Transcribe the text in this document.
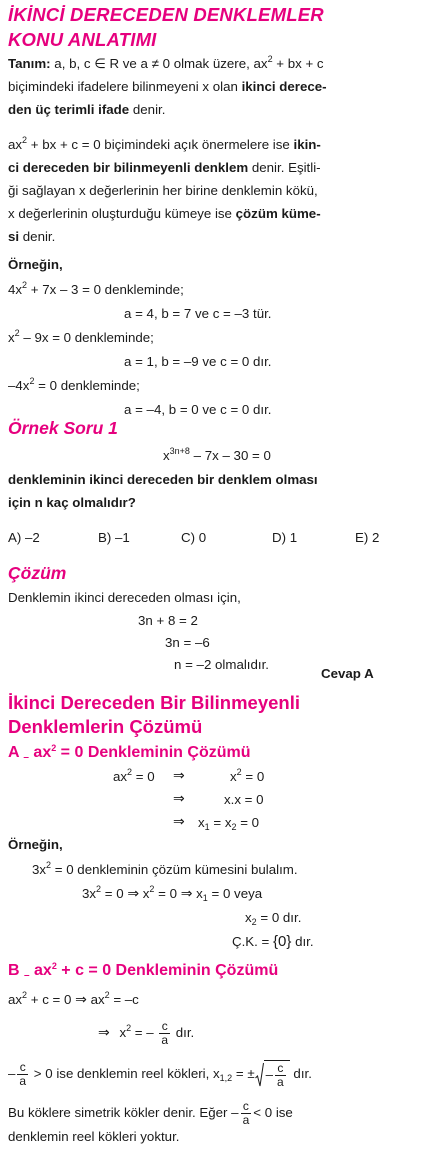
İKİNCİ DERECEDEN DENKLEMLER
KONU ANLATIMI
Tanım: a, b, c ∈ R ve a ≠ 0 olmak üzere, $ax^2$ + bx + c
biçimindeki ifadelere bilinmeyeni x olan ikinci derece-
den üç terimli ifade denir.
$ax^2$ + bx + c = 0 biçimindeki açık önermelere ise ikin-
ci dereceden bir bilinmeyenli denklem denir. Eşitli-
ği sağlayan x değerlerinin her birine denklemin kökü,
x değerlerinin oluşturduğu kümeye ise çözüm küme-
si denir.
Örneğin,
$4x^2 + 7x - 3 = 0$ denkleminde;
a = 4, b = 7 ve c = –3 tür.
$x^2 - 9x = 0$ denkleminde;
a = 1, b = –9 ve c = 0 dır.
$-4x^2 = 0$ denkleminde;
a = –4, b = 0 ve c = 0 dır.
Örnek Soru 1
$x^{3n+8} - 7x - 30 = 0$
denkleminin ikinci dereceden bir denklem olması
için n kaç olmalıdır?
A) –2	B) –1	C) 0	D) 1	E) 2
Çözüm
Denklemin ikinci dereceden olması için,
3n + 8 = 2
3n = –6
n = –2 olmalıdır.
Cevap A
İkinci Dereceden Bir Bilinmeyenli
Denklemlerin Çözümü
$A - ax^2 = 0$ Denkleminin Çözümü
$ax^2 = 0$ ⇒	$x^2 = 0$
⇒	x.x = 0
⇒ $x_1 = x_2 = 0$
Örneğin,
$3x^2 = 0$ denkleminin çözüm kümesini bulalım.
$3x^2 = 0$ ⇒ $x^2 = 0$ ⇒ $x_1 = 0$ veya
$x_2 = 0$ dır.
Ç.K. = {0} dır.
$B - ax^2 + c = 0$ Denkleminin Çözümü
$ax^2 + c = 0$ ⇒ $ax^2 = -c$
⇒ $x^2$ = – $\frac{c}{a}$ dır.
– $\frac{c}{a} > 0$ ise denklemin reel kökleri, $x_{1,2}$ = ± – $\frac{c}{a}$ dır.
Bu köklere simetrik kökler denir. Eğer – $\frac{c}{a} < 0$ ise
denklemin reel kökleri yoktur.
